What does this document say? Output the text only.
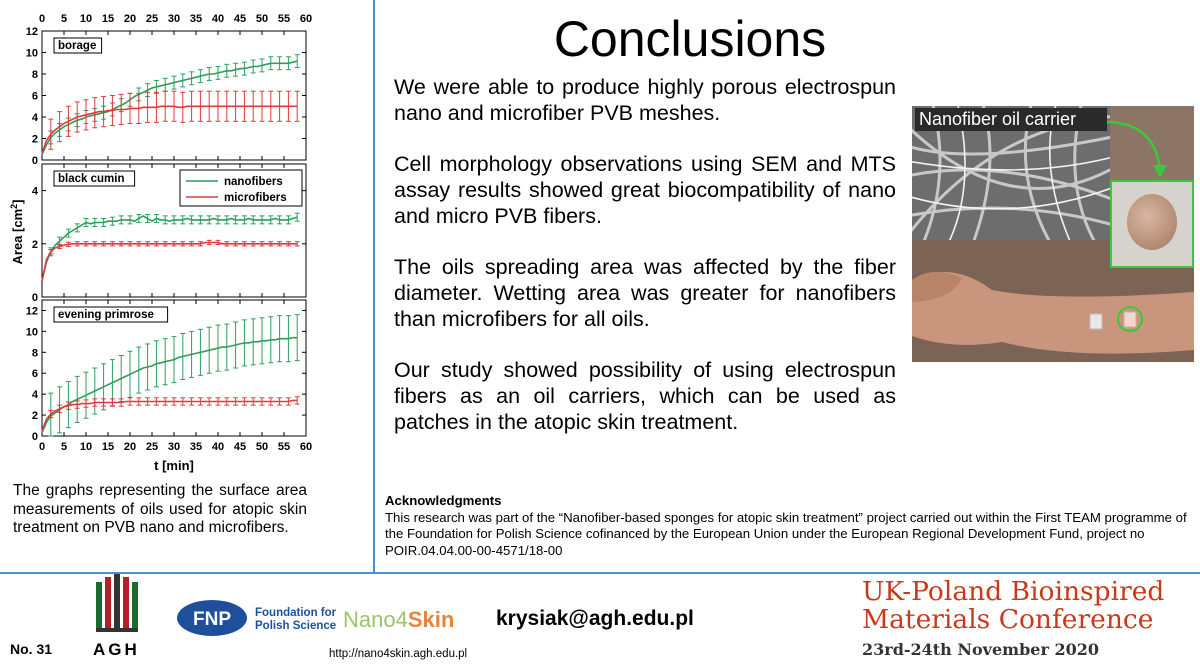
0
2
4
6
8
10
12
0 5 10 15 20 25 30 35 40 45 50 55 60
borage
0
2
4
black cumin	nanofibers
microfibers
0
2
4
6
8
10
12
0 5 10 15 20 25 30 35 40 45 50 55 60
evening primrose
t [min]
Area $[cm^2]$
Conclusions

We were able to produce highly porous electrospun nano and microfiber PVB meshes.

Cell morphology observations using SEM and MTS assay results showed great biocompatibility of nano and micro PVB fibers.

The oils spreading area was affected by the fiber diameter. Wetting area was greater for nanofibers than microfibers for all oils.

Our study showed possibility of using electrospun fibers as an oil carriers, which can be used as patches in the atopic skin treatment.

The graphs representing the surface area measurements of oils used for atopic skin treatment on PVB nano and microfibers.
Acknowledgments
This research was part of the “Nanofiber-based sponges for atopic skin treatment” project carried out within the First TEAM programme of the Foundation for Polish Science cofinanced by the European Union under the European Regional Development Fund, project no POIR.04.04.00-00-4571/18-00
Nanofiber oil carrier
No. 31 AGH
FNP Foundation for
Polish Science Nano4Skin krysiak@agh.edu.pl
http://nano4skin.agh.edu.pl
UK-Poland Bioinspired
Materials Conference
23rd-24th November 2020
